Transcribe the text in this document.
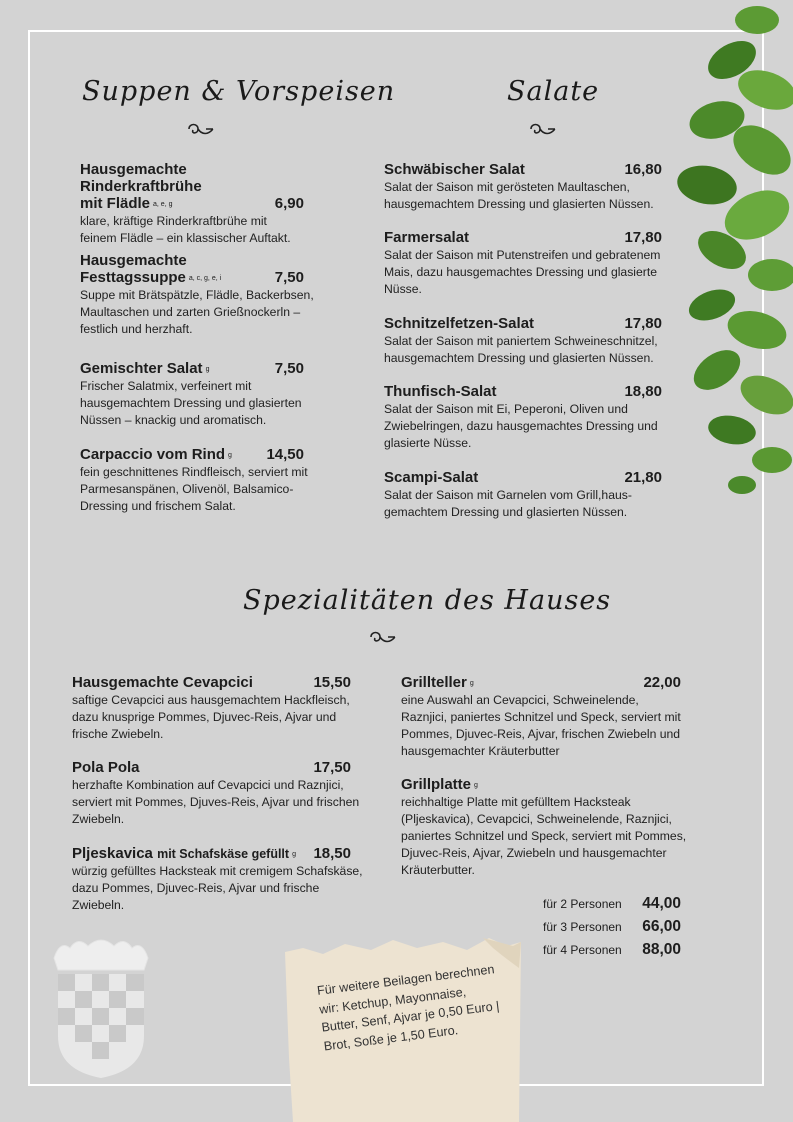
Suppen & Vorspeisen
Hausgemachte Rinderkraftbrühe
mit Flädle a, e, g	6,90
klare, kräftige Rinderkraftbrühe mit feinem Flädle – ein klassischer Auftakt.
Hausgemachte
Festtagssuppe a, c, g, e, i	7,50
Suppe mit Brätspätzle, Flädle, Backerbsen, Maultaschen und zarten Grießnockerln – festlich und herzhaft.
Gemischter Salat g	7,50
Frischer Salatmix, verfeinert mit hausgemachtem Dressing und glasierten Nüssen – knackig und aromatisch.
Carpaccio vom Rind g 14,50
fein geschnittenes Rindfleisch, serviert mit Parmesanspänen, Olivenöl, Balsamico-Dressing und frischem Salat.
Salate
Schwäbischer Salat	16,80
Salat der Saison mit gerösteten Maultaschen, hausgemachtem Dressing und glasierten Nüssen.
Farmersalat	17,80
Salat der Saison mit Putenstreifen und gebratenem Mais, dazu hausgemachtes Dressing und glasierte Nüsse.
Schnitzelfetzen-Salat	17,80
Salat der Saison mit paniertem Schweineschnitzel, hausgemachtem Dressing und glasierten Nüssen.
Thunfisch-Salat	18,80
Salat der Saison mit Ei, Peperoni, Oliven und Zwiebelringen, dazu hausgemachtes Dressing und glasierte Nüsse.
Scampi-Salat	21,80
Salat der Saison mit Garnelen vom Grill,haus-gemachtem Dressing und glasierten Nüssen.
Spezialitäten des Hauses
Hausgemachte Cevapcici	15,50
saftige Cevapcici aus hausgemachtem Hackfleisch, dazu knusprige Pommes, Djuvec-Reis, Ajvar und frische Zwiebeln.
Pola Pola	17,50
herzhafte Kombination auf Cevapcici und Raznjici, serviert mit Pommes, Djuves-Reis, Ajvar und frischen Zwiebeln.
Pljeskavica mit Schafskäse gefüllt g 18,50
würzig gefülltes Hacksteak mit cremigem Schafskäse, dazu Pommes, Djuvec-Reis, Ajvar und frische Zwiebeln.
Grillteller g	22,00
eine Auswahl an Cevapcici, Schweinelende, Raznjici, paniertes Schnitzel und Speck, serviert mit Pommes, Djuvec-Reis, Ajvar, frischen Zwiebeln und hausgemachter Kräuterbutter
Grillplatte g
reichhaltige Platte mit gefülltem Hacksteak (Pljeskavica), Cevapcici, Schweinelende, Raznjici, paniertes Schnitzel und Speck, serviert mit Pommes, Djuvec-Reis, Ajvar, Zwiebeln und hausgemachter Kräuterbutter.
für 2 Personen 44,00
für 3 Personen 66,00
für 4 Personen 88,00
Für weitere Beilagen berechnen wir: Ketchup, Mayonnaise, Butter, Senf, Ajvar je 0,50 Euro | Brot, Soße je 1,50 Euro.
